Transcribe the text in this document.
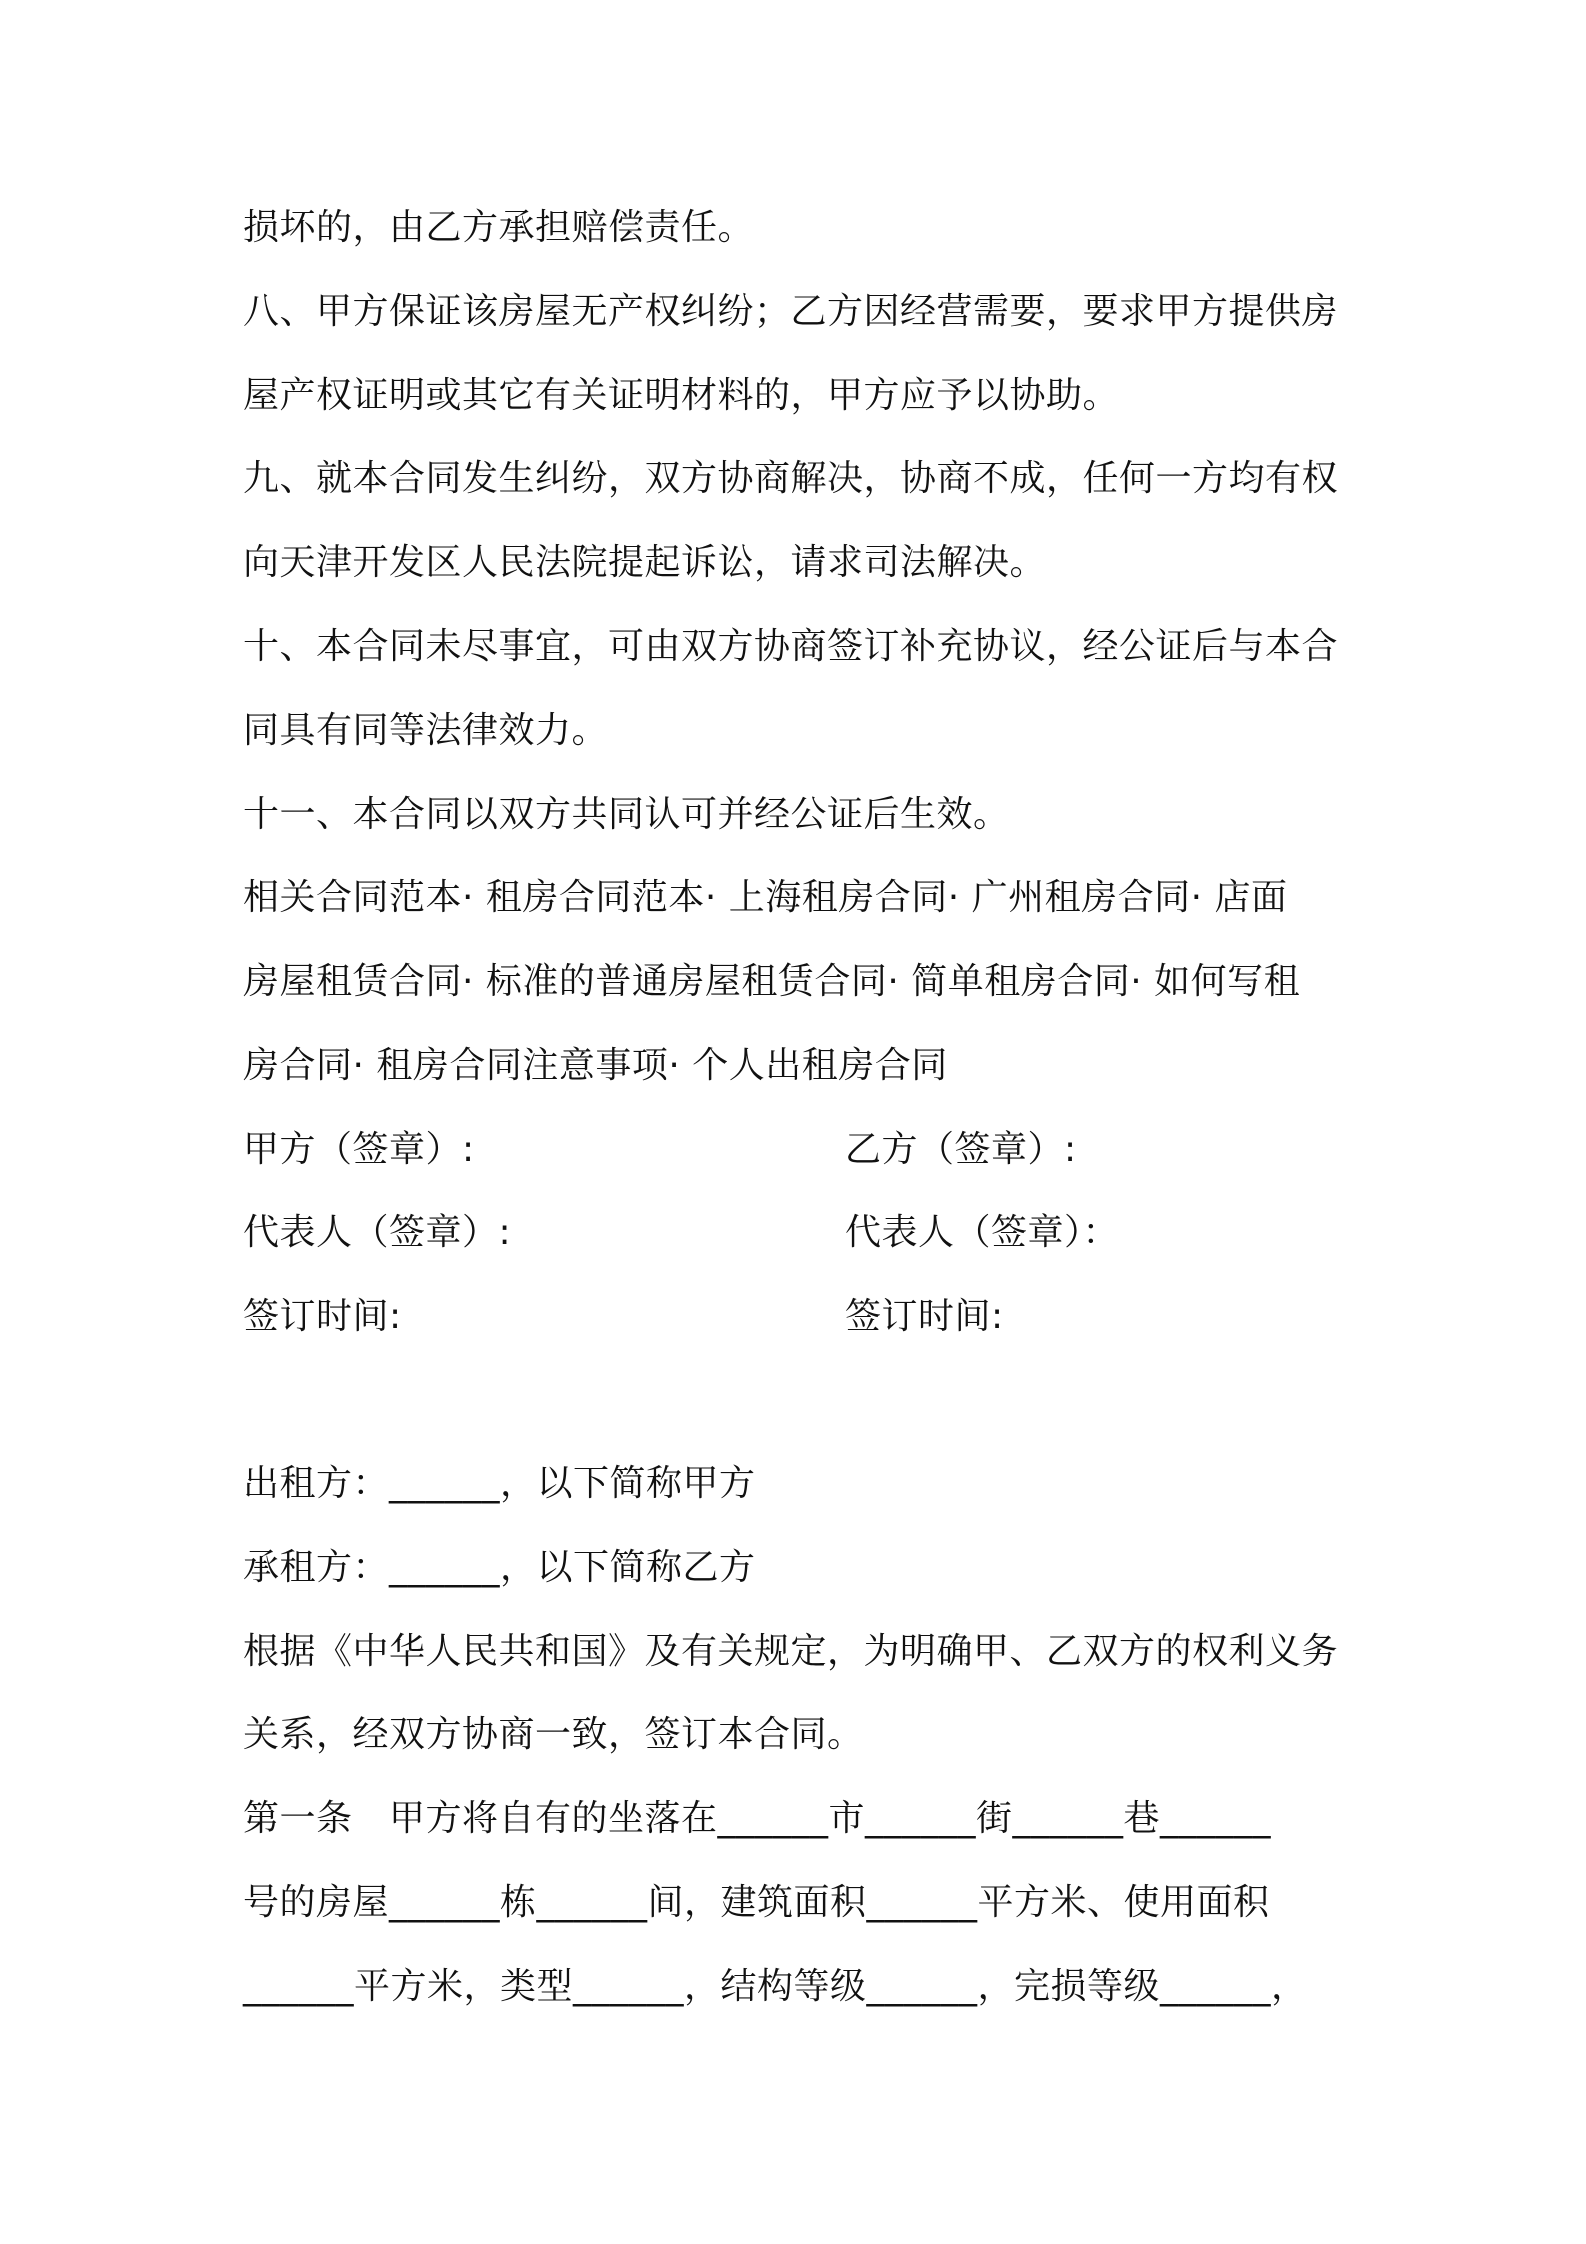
损坏的，由乙方承担赔偿责任。

八、甲方保证该房屋无产权纠纷；乙方因经营需要，要求甲方提供房

屋产权证明或其它有关证明材料的，甲方应予以协助。

九、就本合同发生纠纷，双方协商解决，协商不成，任何一方均有权

向天津开发区人民法院提起诉讼，请求司法解决。

十、本合同未尽事宜，可由双方协商签订补充协议，经公证后与本合

同具有同等法律效力。

十一、本合同以双方共同认可并经公证后生效。

相关合同范本· 租房合同范本· 上海租房合同· 广州租房合同· 店面

房屋租赁合同· 标准的普通房屋租赁合同· 简单租房合同· 如何写租

房合同· 租房合同注意事项· 个人出租房合同

甲方（签章）:	乙方（签章）:

代表人（签章）:	代表人（签章）：

签订时间:	签订时间:

出租方：______，以下简称甲方

承租方：______，以下简称乙方

根据《中华人民共和国》及有关规定，为明确甲、乙双方的权利义务

关系，经双方协商一致，签订本合同。

第一条　甲方将自有的坐落在______市______街______巷______

号的房屋______栋______间，建筑面积______平方米、使用面积

______平方米，类型______，结构等级______，完损等级______，
